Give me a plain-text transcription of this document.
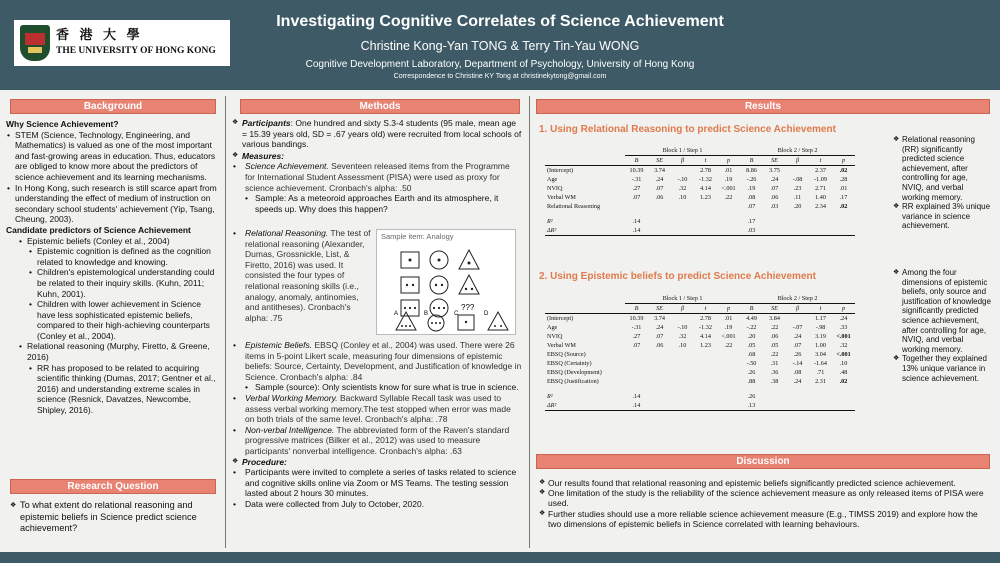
香 港 大 學
THE UNIVERSITY OF HONG KONG
Investigating Cognitive Correlates of Science Achievement
Christine Kong-Yan TONG & Terry Tin-Yau WONG
Cognitive Development Laboratory, Department of Psychology, University of Hong Kong
Correspondence to Christine KY Tong at christinekytong@gmail.com
Background
Why Science Achievement?
• STEM (Science, Technology, Engineering, and Mathematics) is valued as one of the most important and fast-growing areas in education. Thus, educators are obliged to know more about the predictors of science achievement and its learning mechanisms.
• In Hong Kong, such research is still scarce apart from understanding the effect of medium of instruction on secondary school students' achievement (Yip, Tsang, Cheung, 2003).
Candidate predictors of Science Achievement
• Epistemic beliefs (Conley et al., 2004)
• Epistemic cognition is defined as the cognition related to knowledge and knowing.
• Children's epistemological understanding could be related to their inquiry skills. (Kuhn, 2011; Kuhn, 2001).
• Children with lower achievement in Science have less sophisticated epistemic beliefs, compared to their high-achieving counterparts (Conley et al., 2004).
• Relational reasoning (Murphy, Firetto, & Greene, 2016)
• RR has proposed to be related to acquiring scientific thinking (Dumas, 2017; Gentner et al., 2016) and understanding extreme scales in science (Resnick, Davatzes, Newcombe, Shipley, 2016).
Research Question
❖ To what extent do relational reasoning and epistemic beliefs in Science predict science achievement?
Methods
❖ Participants: One hundred and sixty S.3-4 students (95 male, mean age = 15.39 years old, SD = .67 years old) were recruited from local schools of various bandings.
❖ Measures:
• Science Achievement. Seventeen released items from the Programme for International Student Assessment (PISA) were used as proxy for science achievement. Cronbach's alpha: .50
• Sample: As a meteoroid approaches Earth and its atmosphere, it speeds up. Why does this happen?
• Relational Reasoning. The test of relational reasoning (Alexander, Dumas, Grossnickle, List, & Firetto, 2016) was used. It consisted the four types of relational reasoning skills (i.e., analogy, anomaly, antinomies, and antitheses). Cronbach's alpha: .75
Sample item: Analogy
???
A	B	C	D
• Epistemic Beliefs. EBSQ (Conley et al., 2004) was used. There were 26 items in 5-point Likert scale, measuring four dimensions of epistemic beliefs: Source, Certainty, Development, and Justification of knowledge in Science. Cronbach's alpha: .84
• Sample (source): Only scientists know for sure what is true in science.
• Verbal Working Memory. Backward Syllable Recall task was used to assess verbal working memory.The test stopped when error was made on both trials of the same level. Cronbach's alpha: .78
• Non-verbal Intelligence. The abbreviated form of the Raven's standard progressive matrices (Bilker et al., 2012) was used to measure participants' nonverbal intelligence. Cronbach's alpha: .63
❖ Procedure:
• Participants were invited to complete a series of tasks related to science and cognitive skills online via Zoom or MS Teams. The testing session lasted about 2 hours 30 minutes.
• Data were collected from July to October, 2020.
Results
1. Using Relational Reasoning to predict Science Achievement
	Block 1 / Step 1					Block 2 / Step 2				
	B	SE	β	t	p	B	SE	β	t	p
(Intercept)	10.39	3.74		2.78	.01	8.86	3.75		2.37	.02
Age	-.31	.24	-.10	-1.32	.19	-.26	.24	-.08	-1.09	.28
NVIQ	.27	.07	.32	4.14	<.001	.19	.07	.23	2.71	.01
Verbal WM	.07	.06	.10	1.23	.22	.08	.06	.11	1.40	.17
Relational Reasoning						.07	.03	.20	2.34	.02

R²	.14					.17				
ΔR²	.14					.03				
❖ Relational reasoning (RR) significantly predicted science achievement, after controlling for age, NVIQ, and verbal working memory.
❖ RR explained 3% unique variance in science achievement.
2. Using Epistemic beliefs to predict Science Achievement
	Block 1 / Step 1					Block 2 / Step 2				
	B	SE	β	t	p	B	SE	β	t	p
(Intercept)	10.39	3.74		2.78	.01	4.49	3.84		1.17	.24
Age	-.31	.24	-.10	-1.32	.19	-.22	.22	-.07	-.98	.33
NVIQ	.27	.07	.32	4.14	<.001	.20	.06	.24	3.19	<.001
Verbal WM	.07	.06	.10	1.23	.22	.05	.05	.07	1.00	.32
EBSQ (Source)						.68	.22	.26	3.04	<.001
EBSQ (Certainty)						-.50	.31	-.14	-1.64	.10
EBSQ (Development)						.26	.36	.08	.71	.48
EBSQ (Justification)						.88	.38	.24	2.31	.02

R²	.14					.26				
ΔR²	.14					.13				
❖ Among the four dimensions of epistemic beliefs, only source and justification of knowledge significantly predicted science achievement, after controlling for age, NVIQ, and verbal working memory.
❖ Together they explained 13% unique variance in science achievement.
Discussion
❖ Our results found that relational reasoning and epistemic beliefs significantly predicted science achievement.
❖ One limitation of the study is the reliability of the science achievement measure as only released items of PISA were used.
❖ Further studies should use a more reliable science achievement measure (E.g., TIMSS 2019) and explore how the two dimensions of epistemic beliefs in Science correlated with learning behaviours.
